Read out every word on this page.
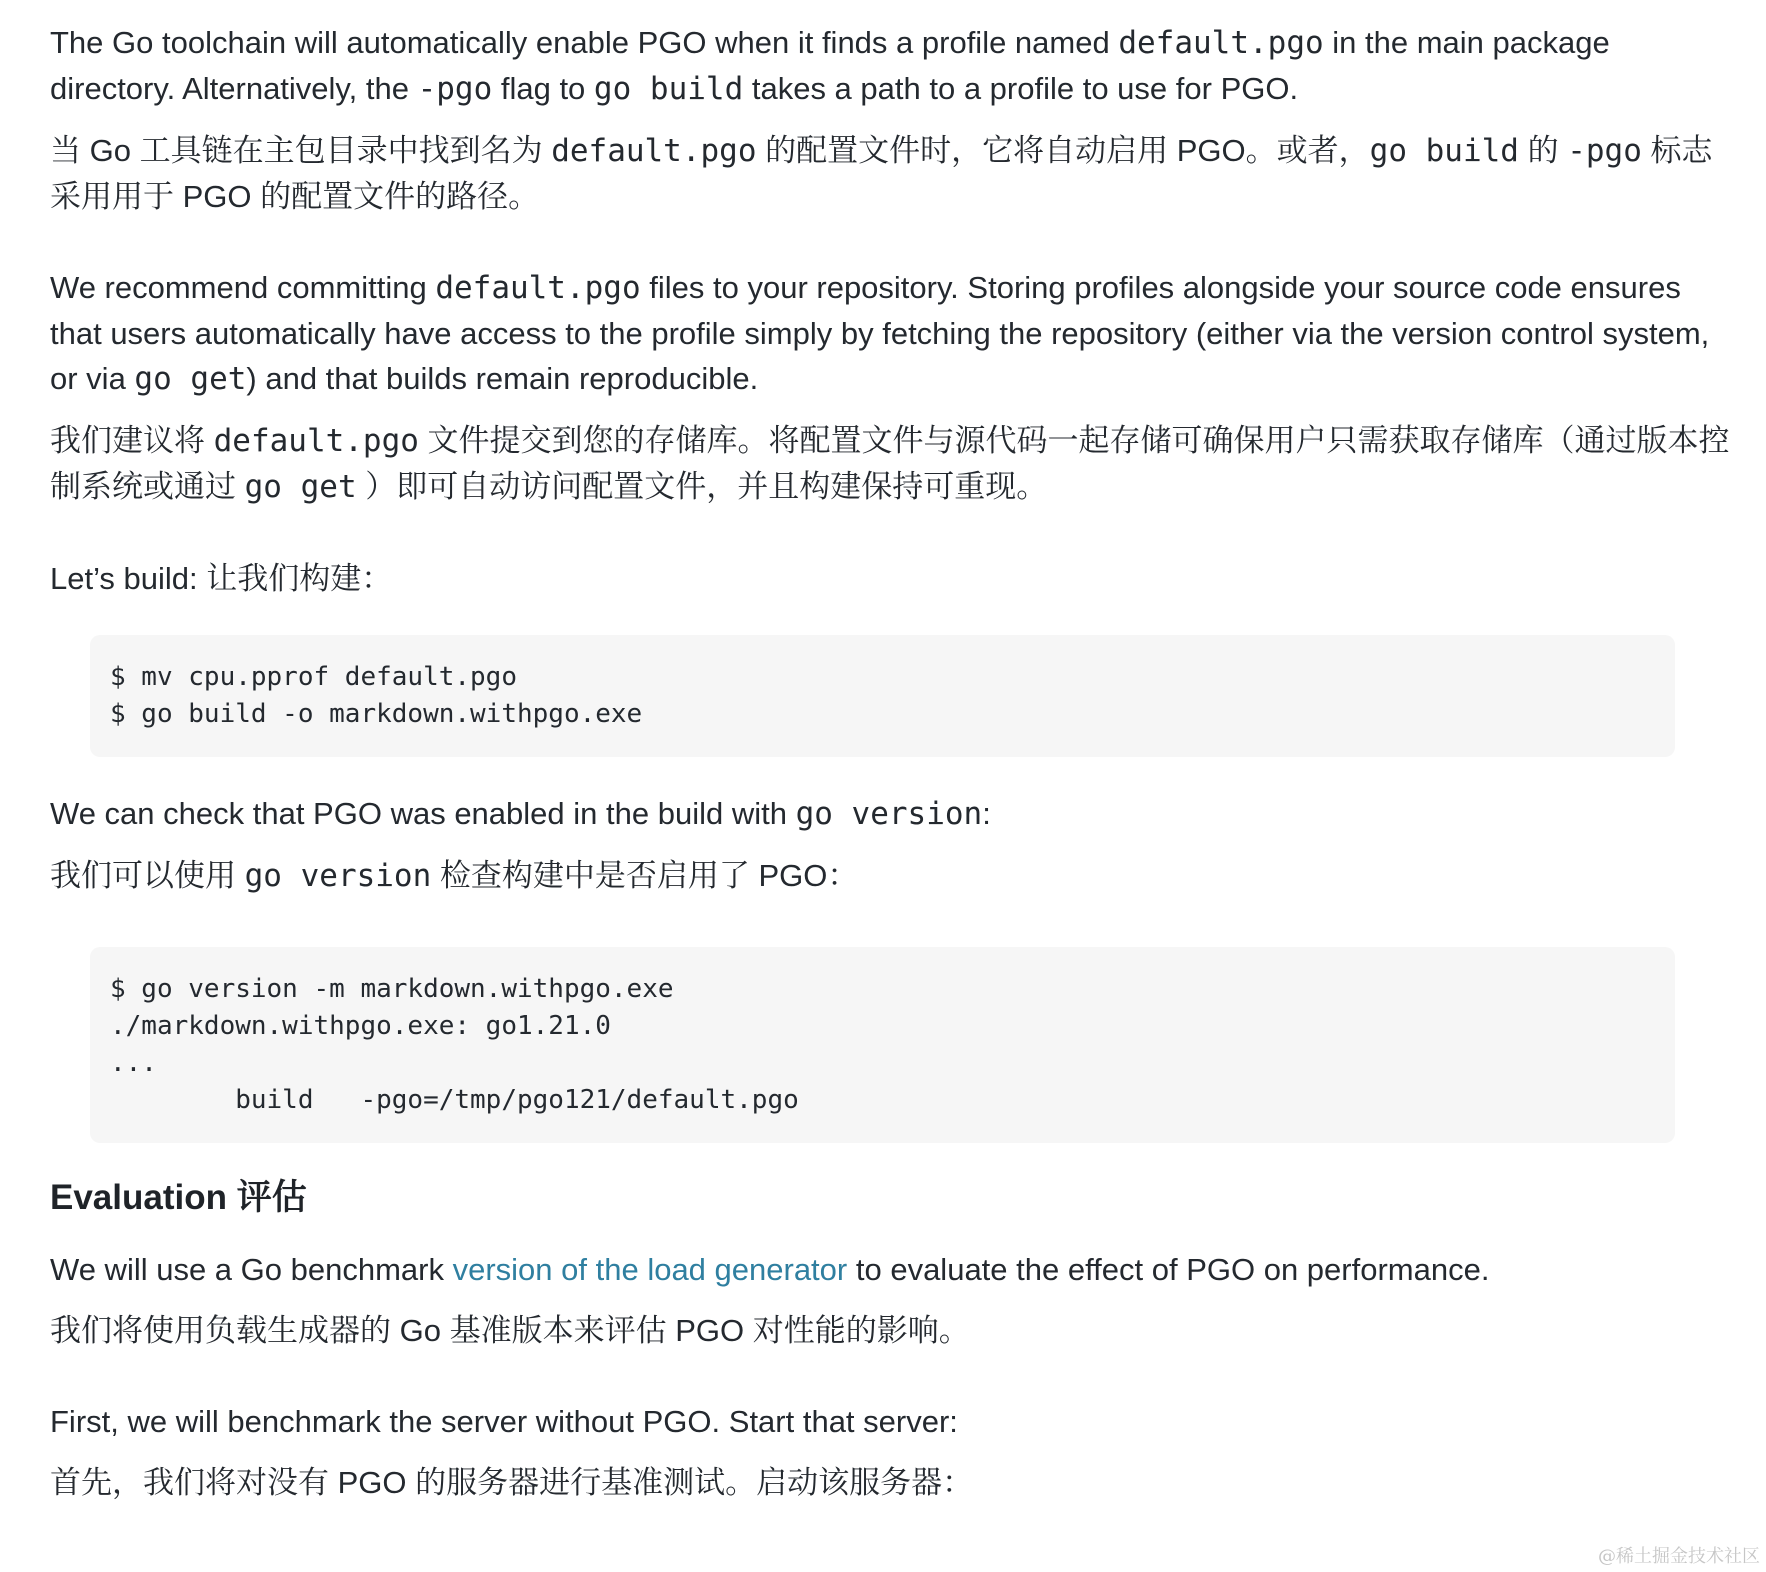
The Go toolchain will automatically enable PGO when it finds a profile named default.pgo in the main package directory. Alternatively, the -pgo flag to go build takes a path to a profile to use for PGO.

当 Go 工具链在主包目录中找到名为 default.pgo 的配置文件时，它将自动启用 PGO。或者，go build 的 -pgo 标志采用用于 PGO 的配置文件的路径。

We recommend committing default.pgo files to your repository. Storing profiles alongside your source code ensures that users automatically have access to the profile simply by fetching the repository (either via the version control system, or via go get) and that builds remain reproducible.

我们建议将 default.pgo 文件提交到您的存储库。将配置文件与源代码一起存储可确保用户只需获取存储库（通过版本控制系统或通过 go get ）即可自动访问配置文件，并且构建保持可重现。

Let’s build: 让我们构建：

$ mv cpu.pprof default.pgo
$ go build -o markdown.withpgo.exe

We can check that PGO was enabled in the build with go version:

我们可以使用 go version 检查构建中是否启用了 PGO：

$ go version -m markdown.withpgo.exe
./markdown.withpgo.exe: go1.21.0
...
build   -pgo=/tmp/pgo121/default.pgo

Evaluation 评估

We will use a Go benchmark version of the load generator to evaluate the effect of PGO on performance.

我们将使用负载生成器的 Go 基准版本来评估 PGO 对性能的影响。

First, we will benchmark the server without PGO. Start that server:

首先，我们将对没有 PGO 的服务器进行基准测试。启动该服务器：

@稀土掘金技术社区
